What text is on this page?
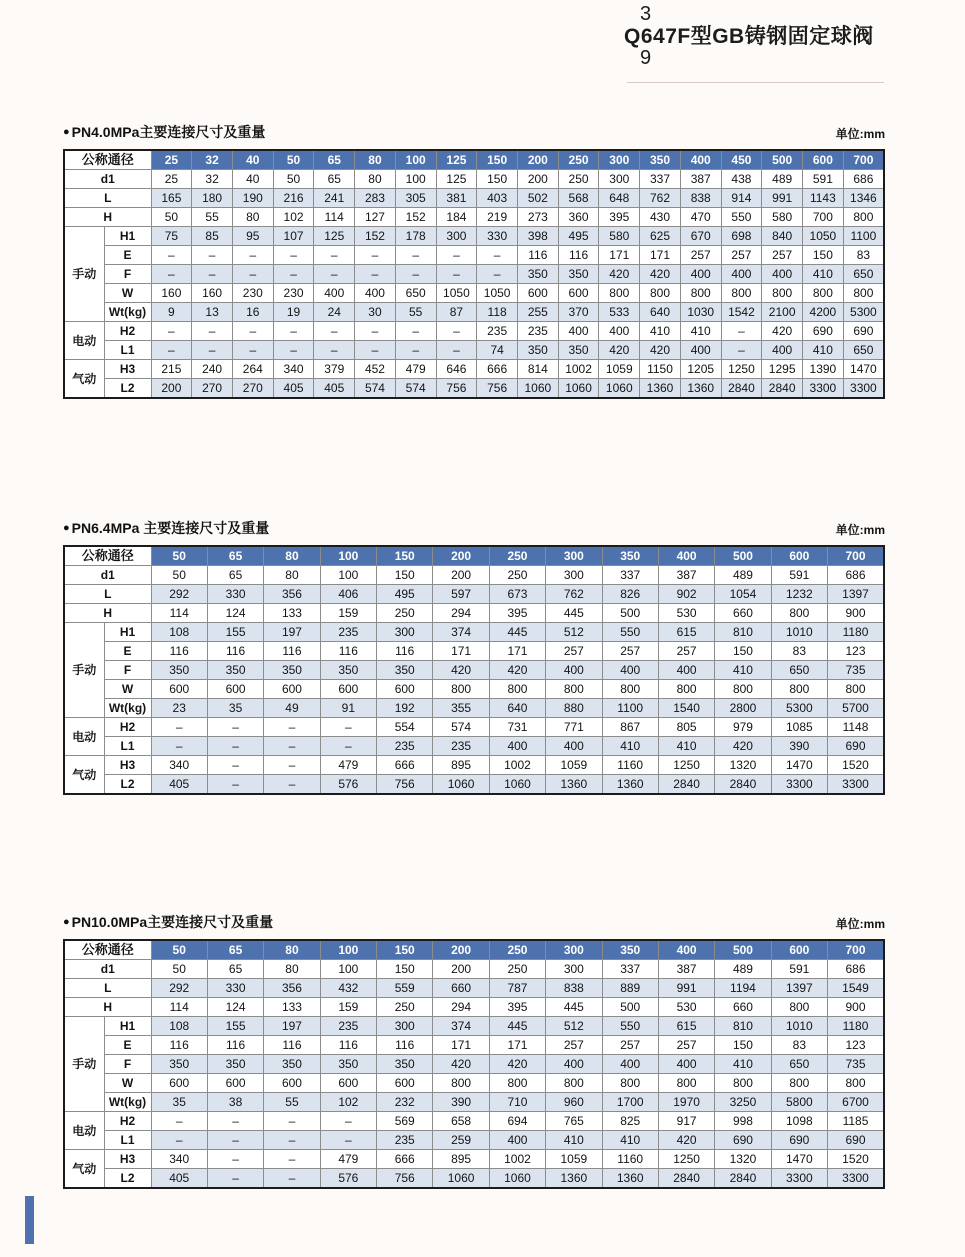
3
Q647F型GB铸钢固定球阀
9
● PN4.0MPa主要连接尺寸及重量	单位:mm
公称通径		25	32	40	50	65	80	100	125	150	200	250	300	350	400	450	500	600	700
d1		25	32	40	50	65	80	100	125	150	200	250	300	337	387	438	489	591	686
L		165	180	190	216	241	283	305	381	403	502	568	648	762	838	914	991	1143	1346
H		50	55	80	102	114	127	152	184	219	273	360	395	430	470	550	580	700	800
手动	H1	75	85	95	107	125	152	178	300	330	398	495	580	625	670	698	840	1050	1100
	E	–	–	–	–	–	–	–	–	–	116	116	171	171	257	257	257	150	83
	F	–	–	–	–	–	–	–	–	–	350	350	420	420	400	400	400	410	650
	W	160	160	230	230	400	400	650	1050	1050	600	600	800	800	800	800	800	800	800
	Wt(kg)	9	13	16	19	24	30	55	87	118	255	370	533	640	1030	1542	2100	4200	5300
电动	H2	–	–	–	–	–	–	–	–	235	235	400	400	410	410	–	420	690	690
	L1	–	–	–	–	–	–	–	–	74	350	350	420	420	400	–	400	410	650
气动	H3	215	240	264	340	379	452	479	646	666	814	1002	1059	1150	1205	1250	1295	1390	1470
	L2	200	270	270	405	405	574	574	756	756	1060	1060	1060	1360	1360	2840	2840	3300	3300
● PN6.4MPa 主要连接尺寸及重量	单位:mm
公称通径		50	65	80	100	150	200	250	300	350	400	500	600	700
d1		50	65	80	100	150	200	250	300	337	387	489	591	686
L		292	330	356	406	495	597	673	762	826	902	1054	1232	1397
H		114	124	133	159	250	294	395	445	500	530	660	800	900
手动	H1	108	155	197	235	300	374	445	512	550	615	810	1010	1180
	E	116	116	116	116	116	171	171	257	257	257	150	83	123
	F	350	350	350	350	350	420	420	400	400	400	410	650	735
	W	600	600	600	600	600	800	800	800	800	800	800	800	800
	Wt(kg)	23	35	49	91	192	355	640	880	1100	1540	2800	5300	5700
电动	H2	–	–	–	–	554	574	731	771	867	805	979	1085	1148
	L1	–	–	–	–	235	235	400	400	410	410	420	390	690
气动	H3	340	–	–	479	666	895	1002	1059	1160	1250	1320	1470	1520
	L2	405	–	–	576	756	1060	1060	1360	1360	2840	2840	3300	3300
● PN10.0MPa主要连接尺寸及重量	单位:mm
公称通径		50	65	80	100	150	200	250	300	350	400	500	600	700
d1		50	65	80	100	150	200	250	300	337	387	489	591	686
L		292	330	356	432	559	660	787	838	889	991	1194	1397	1549
H		114	124	133	159	250	294	395	445	500	530	660	800	900
手动	H1	108	155	197	235	300	374	445	512	550	615	810	1010	1180
	E	116	116	116	116	116	171	171	257	257	257	150	83	123
	F	350	350	350	350	350	420	420	400	400	400	410	650	735
	W	600	600	600	600	600	800	800	800	800	800	800	800	800
	Wt(kg)	35	38	55	102	232	390	710	960	1700	1970	3250	5800	6700
电动	H2	–	–	–	–	569	658	694	765	825	917	998	1098	1185
	L1	–	–	–	–	235	259	400	410	410	420	690	690	690
气动	H3	340	–	–	479	666	895	1002	1059	1160	1250	1320	1470	1520
	L2	405	–	–	576	756	1060	1060	1360	1360	2840	2840	3300	3300
